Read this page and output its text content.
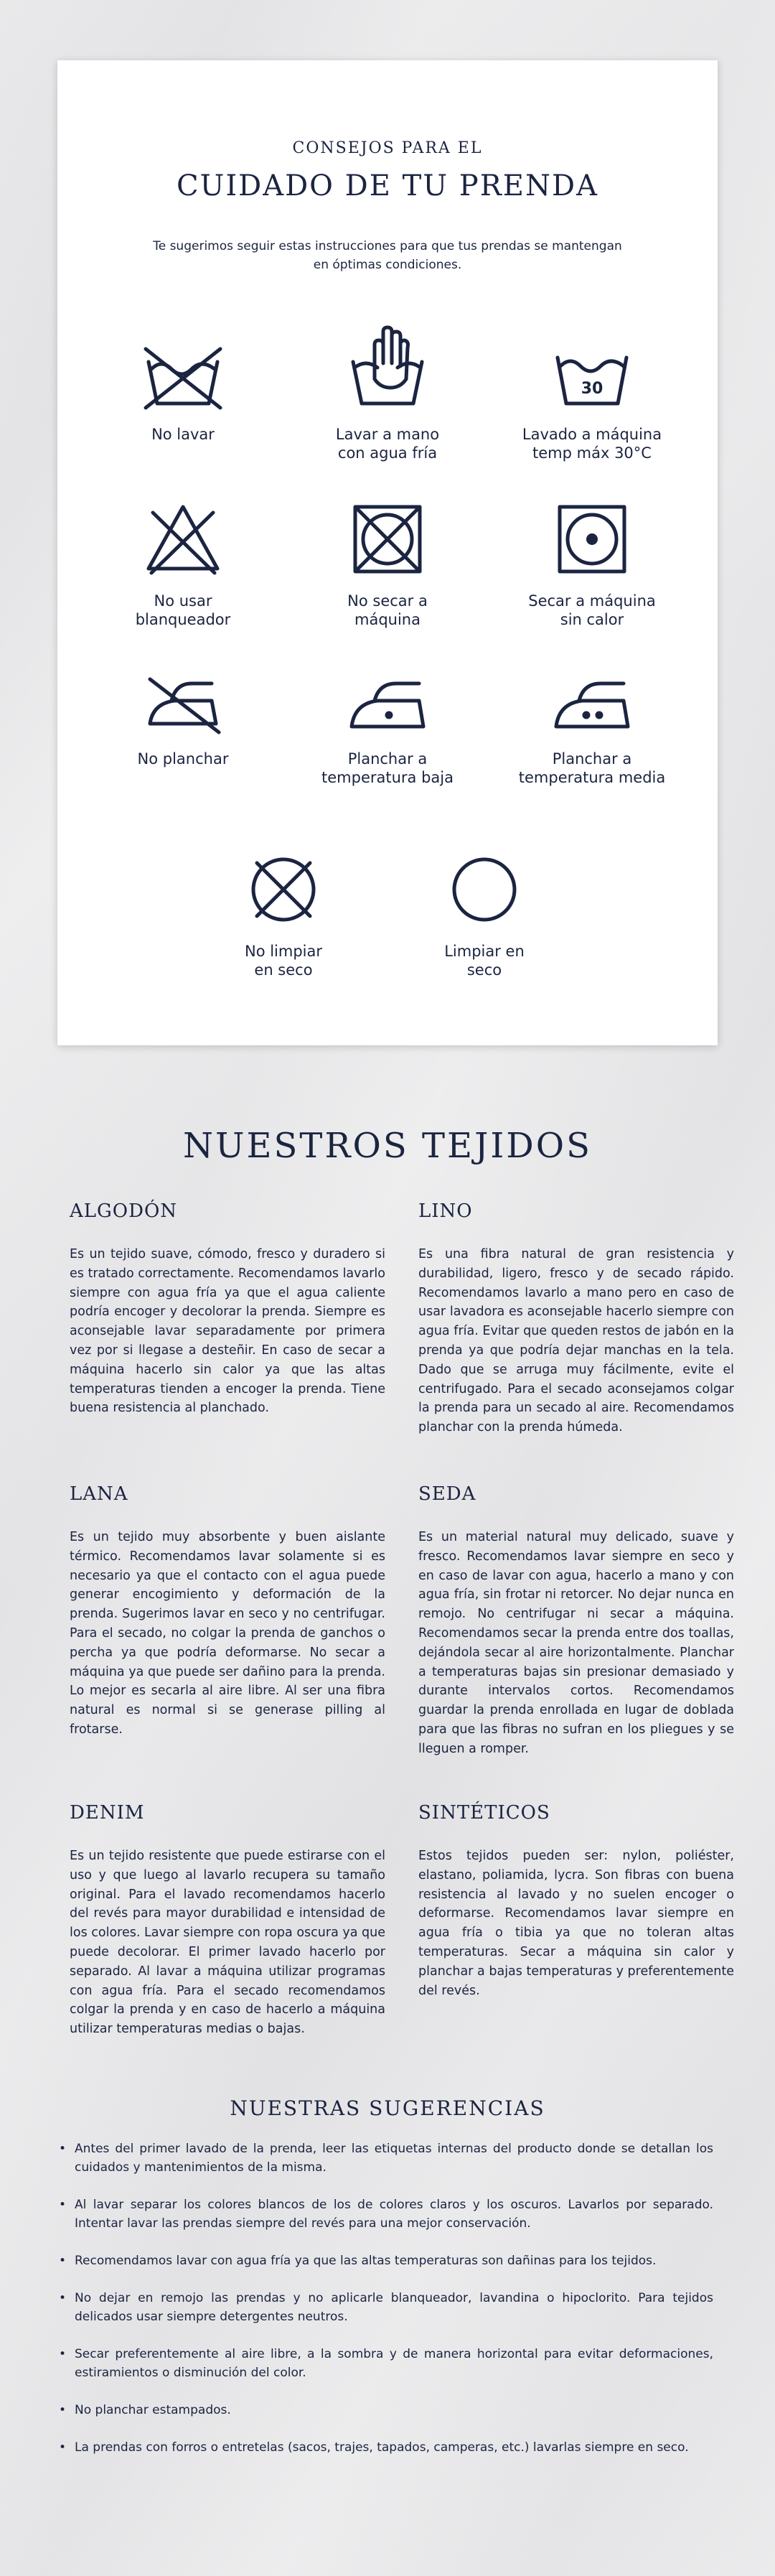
CONSEJOS PARA EL
CUIDADO DE TU PRENDA
Te sugerimos seguir estas instrucciones para que tus prendas se mantengan en óptimas condiciones.
No lavar	Lavar a mano
con agua fría
30
Lavado a máquina
temp máx 30°C
No usar
blanqueador
No secar a
máquina
Secar a máquina
sin calor
No planchar	Planchar a
temperatura baja
Planchar a
temperatura media
No limpiar
en seco
Limpiar en
seco
NUESTROS TEJIDOS
ALGODÓN

Es un tejido suave, cómodo, fresco y duradero si es tratado correctamente. Recomendamos lavarlo siempre con agua fría ya que el agua caliente podría encoger y decolorar la prenda. Siempre es aconsejable lavar separadamente por primera vez por si llegase a desteñir. En caso de secar a máquina hacerlo sin calor ya que las altas temperaturas tienden a encoger la prenda. Tiene buena resistencia al planchado.

LINO

Es una fibra natural de gran resistencia y durabilidad, ligero, fresco y de secado rápido. Recomendamos lavarlo a mano pero en caso de usar lavadora es aconsejable hacerlo siempre con agua fría. Evitar que queden restos de jabón en la prenda ya que podría dejar manchas en la tela. Dado que se arruga muy fácilmente, evite el centrifugado. Para el secado aconsejamos colgar la prenda para un secado al aire. Recomendamos planchar con la prenda húmeda.

LANA

Es un tejido muy absorbente y buen aislante térmico. Recomendamos lavar solamente si es necesario ya que el contacto con el agua puede generar encogimiento y deformación de la prenda. Sugerimos lavar en seco y no centrifugar. Para el secado, no colgar la prenda de ganchos o percha ya que podría deformarse. No secar a máquina ya que puede ser dañino para la prenda. Lo mejor es secarla al aire libre. Al ser una fibra natural es normal si se generase pilling al frotarse.

SEDA

Es un material natural muy delicado, suave y fresco. Recomendamos lavar siempre en seco y en caso de lavar con agua, hacerlo a mano y con agua fría, sin frotar ni retorcer. No dejar nunca en remojo. No centrifugar ni secar a máquina. Recomendamos secar la prenda entre dos toallas, dejándola secar al aire horizontalmente. Planchar a temperaturas bajas sin presionar demasiado y durante intervalos cortos. Recomendamos guardar la prenda enrollada en lugar de doblada para que las fibras no sufran en los pliegues y se lleguen a romper.

DENIM

Es un tejido resistente que puede estirarse con el uso y que luego al lavarlo recupera su tamaño original. Para el lavado recomendamos hacerlo del revés para mayor durabilidad e intensidad de los colores. Lavar siempre con ropa oscura ya que puede decolorar. El primer lavado hacerlo por separado. Al lavar a máquina utilizar programas con agua fría. Para el secado recomendamos colgar la prenda y en caso de hacerlo a máquina utilizar temperaturas medias o bajas.

SINTÉTICOS

Estos tejidos pueden ser: nylon, poliéster, elastano, poliamida, lycra. Son fibras con buena resistencia al lavado y no suelen encoger o deformarse. Recomendamos lavar siempre en agua fría o tibia ya que no toleran altas temperaturas. Secar a máquina sin calor y planchar a bajas temperaturas y preferentemente del revés.

NUESTRAS SUGERENCIAS
• Antes del primer lavado de la prenda, leer las etiquetas internas del producto donde se detallan los cuidados y mantenimientos de la misma.
• Al lavar separar los colores blancos de los de colores claros y los oscuros. Lavarlos por separado. Intentar lavar las prendas siempre del revés para una mejor conservación.
• Recomendamos lavar con agua fría ya que las altas temperaturas son dañinas para los tejidos.
• No dejar en remojo las prendas y no aplicarle blanqueador, lavandina o hipoclorito. Para tejidos delicados usar siempre detergentes neutros.
• Secar preferentemente al aire libre, a la sombra y de manera horizontal para evitar deformaciones, estiramientos o disminución del color.
• No planchar estampados.
• La prendas con forros o entretelas (sacos, trajes, tapados, camperas, etc.) lavarlas siempre en seco.
